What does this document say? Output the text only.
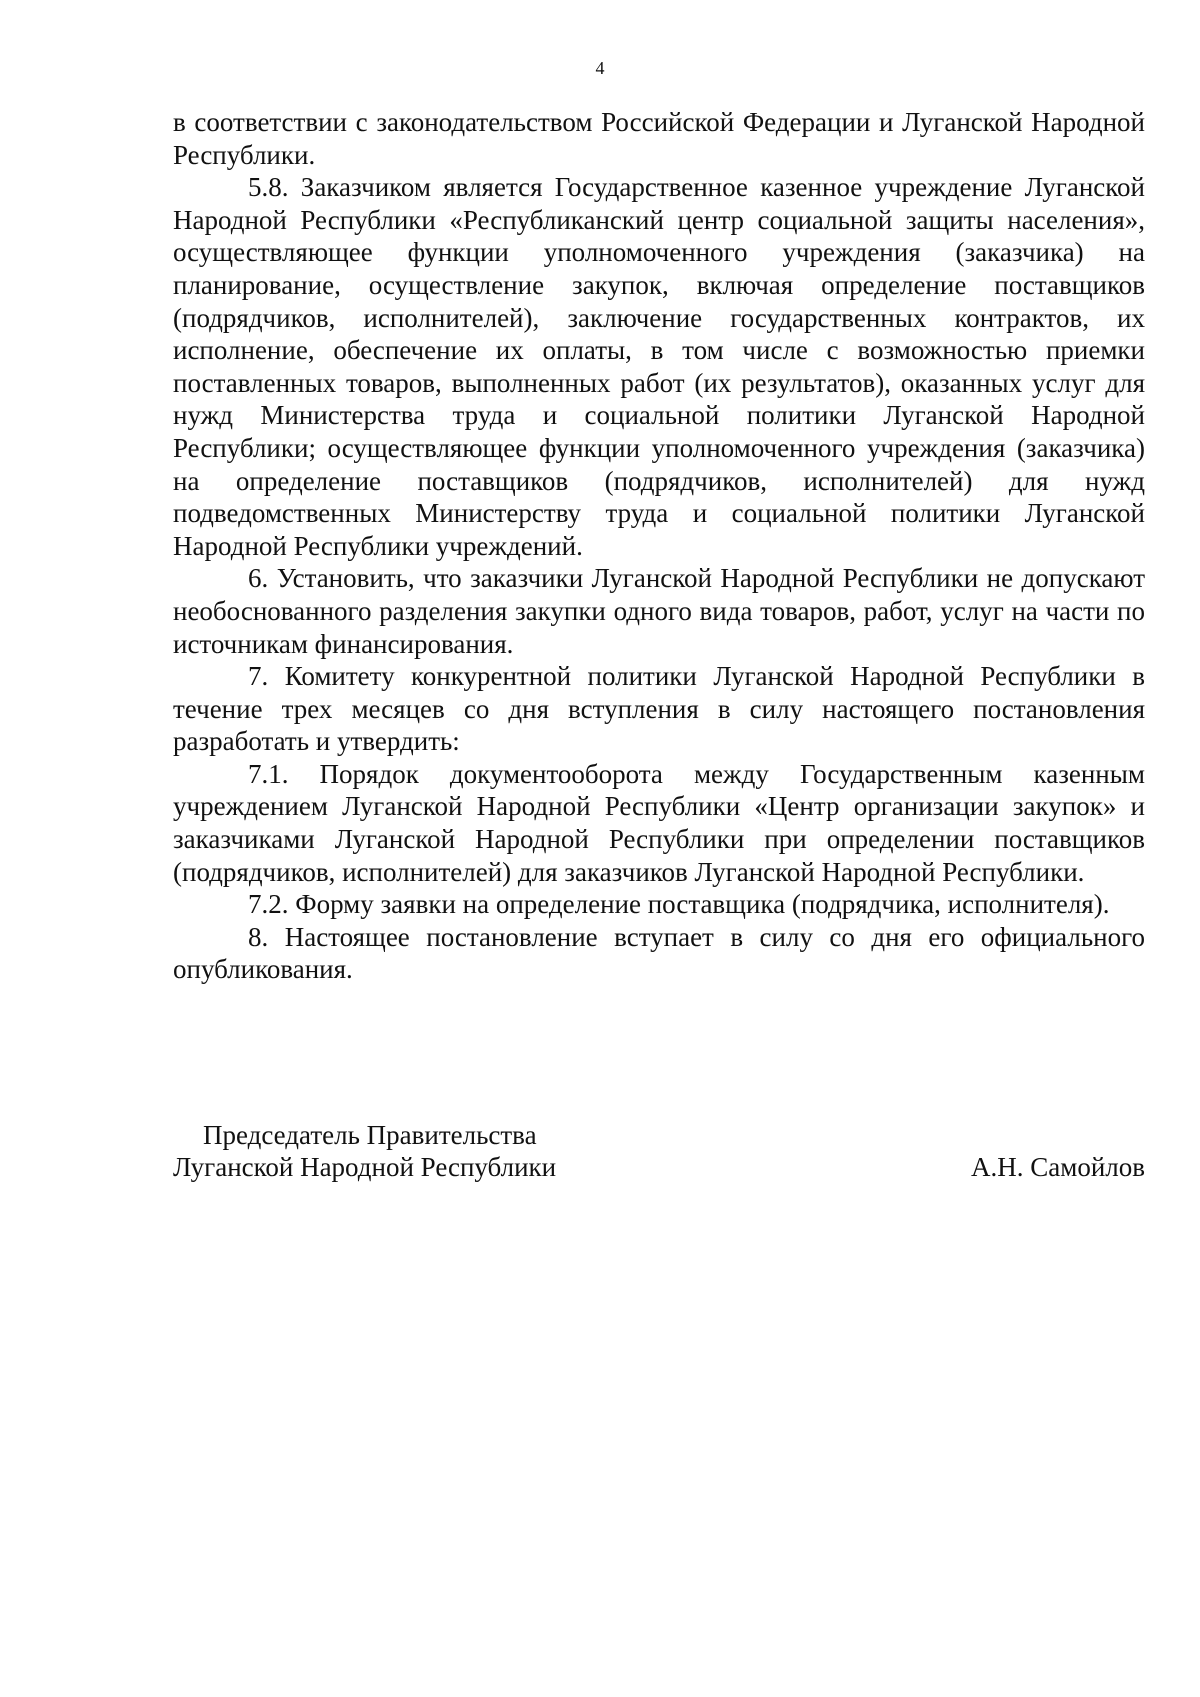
4

в соответствии с законодательством Российской Федерации и Луганской Народной Республики.

5.8. Заказчиком является Государственное казенное учреждение Луганской Народной Республики «Республиканский центр социальной защиты населения», осуществляющее функции уполномоченного учреждения (заказчика) на планирование, осуществление закупок, включая определение поставщиков (подрядчиков, исполнителей), заключение государственных контрактов, их исполнение, обеспечение их оплаты, в том числе с возможностью приемки поставленных товаров, выполненных работ (их результатов), оказанных услуг для нужд Министерства труда и социальной политики Луганской Народной Республики; осуществляющее функции уполномоченного учреждения (заказчика) на определение поставщиков (подрядчиков, исполнителей) для нужд подведомственных Министерству труда и социальной политики Луганской Народной Республики учреждений.

6. Установить, что заказчики Луганской Народной Республики не допускают необоснованного разделения закупки одного вида товаров, работ, услуг на части по источникам финансирования.

7. Комитету конкурентной политики Луганской Народной Республики в течение трех месяцев со дня вступления в силу настоящего постановления разработать и утвердить:

7.1. Порядок документооборота между Государственным казенным учреждением Луганской Народной Республики «Центр организации закупок» и заказчиками Луганской Народной Республики при определении поставщиков (подрядчиков, исполнителей) для заказчиков Луганской Народной Республики.

7.2. Форму заявки на определение поставщика (подрядчика, исполнителя).

8. Настоящее постановление вступает в силу со дня его официального опубликования.

Председатель Правительства
Луганской Народной Республики	А.Н. Самойлов
